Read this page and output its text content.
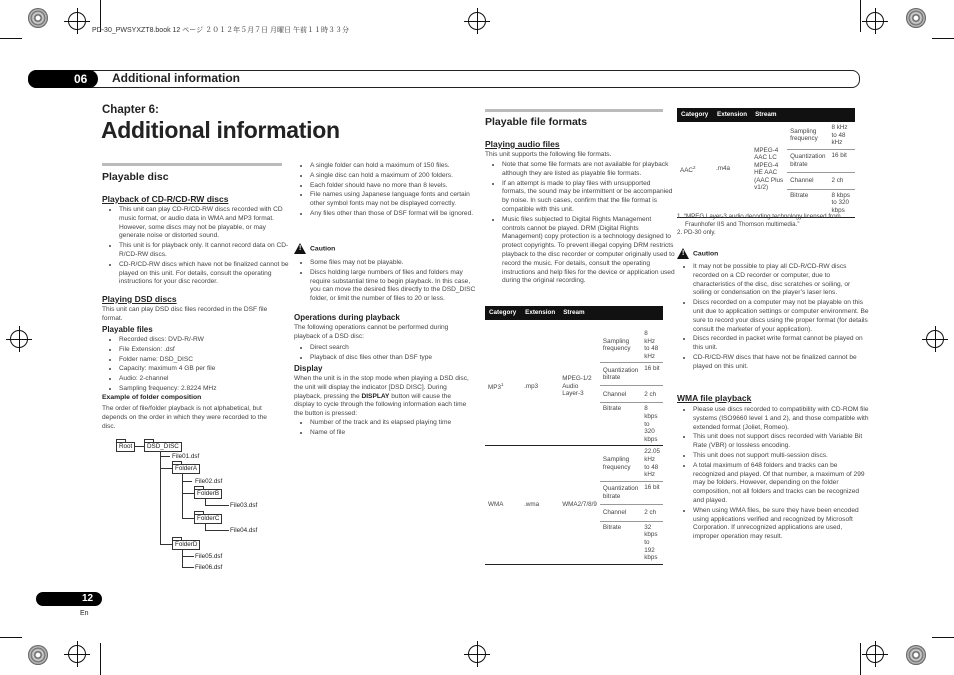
PD-30_PWSYXZT8.book 12 ページ ２０１２年５月７日 月曜日 午前１１時３３分
06	Additional information
Chapter 6:
Additional information
Playable disc
Playback of CD-R/CD-RW discs
• This unit can play CD-R/CD-RW discs recorded with CD music format, or audio data in WMA and MP3 format. However, some discs may not be playable, or may generate noise or distorted sound.
• This unit is for playback only. It cannot record data on CD-R/CD-RW discs.
• CD-R/CD-RW discs which have not be finalized cannot be played on this unit. For details, consult the operating instructions for your disc recorder.
Playing DSD discs
This unit can play DSD disc files recorded in the DSF file format.
Playable files
• Recorded discs: DVD-R/-RW
• File Extension: .dsf
• Folder name: DSD_DISC
• Capacity: maximum 4 GB per file
• Audio: 2-channel
• Sampling frequency: 2.8224 MHz
Example of folder composition
The order of file/folder playback is not alphabetical, but depends on the order in which they were recorded to the disc.
Root	DSD_DISC
File01.dsf
FolderA
File02.dsf
FolderB
File03.dsf
FolderC
File04.dsf
FolderD
File05.dsf
File06.dsf
• A single folder can hold a maximum of 150 files.
• A single disc can hold a maximum of 200 folders.
• Each folder should have no more than 8 levels.
• File names using Japanese language fonts and certain other symbol fonts may not be displayed correctly.
• Any files other than those of DSF format will be ignored.
! Caution
• Some files may not be playable.
• Discs holding large numbers of files and folders may require substantial time to begin playback. In this case, you can move the desired files directly to the DSD_DISC folder, or limit the number of files to 20 or less.
Operations during playback
The following operations cannot be performed during playback of a DSD disc:
• Direct search
• Playback of disc files other than DSF type
Display
When the unit is in the stop mode when playing a DSD disc, the unit will display the indicator [DSD DISC]. During playback, pressing the DISPLAY button will cause the display to cycle through the following information each time the button is pressed:
• Number of the track and its elapsed playing time
• Name of file
Playable file formats
Playing audio files
This unit supports the following file formats.
• Note that some file formats are not available for playback although they are listed as playable file formats.
• If an attempt is made to play files with unsupported formats, the sound may be intermittent or be accompanied by noise. In such cases, confirm that the file format is compatible with this unit.
• Music files subjected to Digital Rights Management controls cannot be played. DRM (Digital Rights Management) copy protection is a technology designed to protect copyrights. To prevent illegal copying DRM restricts playback to the disc recorder or computer originally used to record the music. For details, consult the operating instructions and help files for the device or application used during the original recording.
Category	Extension	Stream		

$MP3^1$	.mp3	MPEG-1/2 Audio Layer-3	Sampling frequency	8 kHz to 48 kHz
			Quantization bitrate	16 bit
			Channel	2 ch
			Bitrate	8 kbps to 320 kbps
WMA	.wma	WMA2/7/8/9	Sampling frequency	22.05 kHz to 48 kHz
			Quantization bitrate	16 bit
			Channel	2 ch
			Bitrate	32 kbps to 192 kbps
Category	Extension	Stream		
AAC$^2$	.m4a	MPEG-4 AAC LC MPEG-4 HE AAC (AAC Plus v1/2)	Sampling frequency	8 kHz to 48 kHz
			Quantization bitrate	16 bit
			Channel	2 ch
			Bitrate	8 kbps to 320 kbps
1. “MPEG Layer-3 audio decoding technology licensed from Fraunhofer IIS and Thomson multimedia.”
2. PD-30 only.
! Caution
• It may not be possible to play all CD-R/CD-RW discs recorded on a CD recorder or computer, due to characteristics of the disc, disc scratches or soiling, or soiling or condensation on the player’s laser lens.
• Discs recorded on a computer may not be playable on this unit due to application settings or computer environment. Be sure to record your discs using the proper format (for details consult the marketer of your application).
• Discs recorded in packet write format cannot be played on this unit.
• CD-R/CD-RW discs that have not be finalized cannot be played on this unit.
WMA file playback
• Please use discs recorded to compatibility with CD-ROM file systems (ISO9660 level 1 and 2), and those compatible with extended format (Joliet, Romeo).
• This unit does not support discs recorded with Variable Bit Rate (VBR) or lossless encoding.
• This unit does not support multi-session discs.
• A total maximum of 648 folders and tracks can be recognized and played. Of that number, a maximum of 299 may be folders. However, depending on the folder composition, not all folders and tracks can be recognized and played.
• When using WMA files, be sure they have been encoded using applications verified and recognized by Microsoft Corporation. If unrecognized applications are used, improper operation may result.
12
En
